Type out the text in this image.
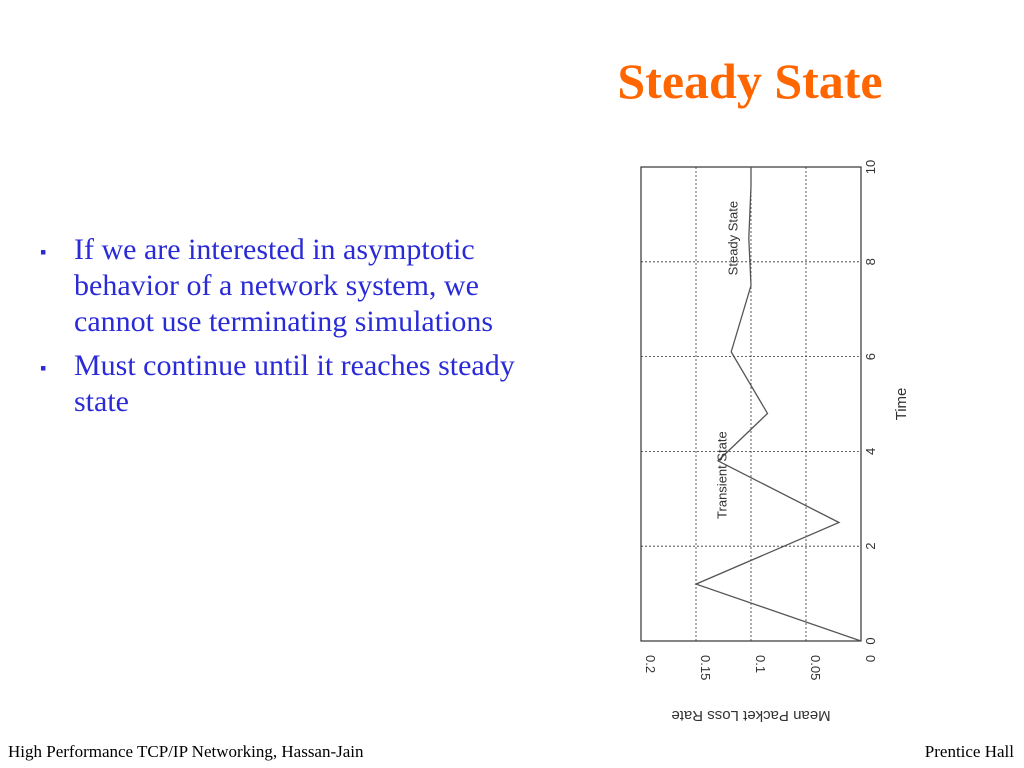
Steady State
▪ If we are interested in asymptotic behavior of a network system, we cannot use terminating simulations
▪ Must continue until it reaches steady state
0
0.05
0.1
0.15
0.2
0
2
4
6
8
10
Transient State
Steady State
Time
Mean Packet Loss Rate
High Performance TCP/IP Networking, Hassan-Jain	Prentice Hall
